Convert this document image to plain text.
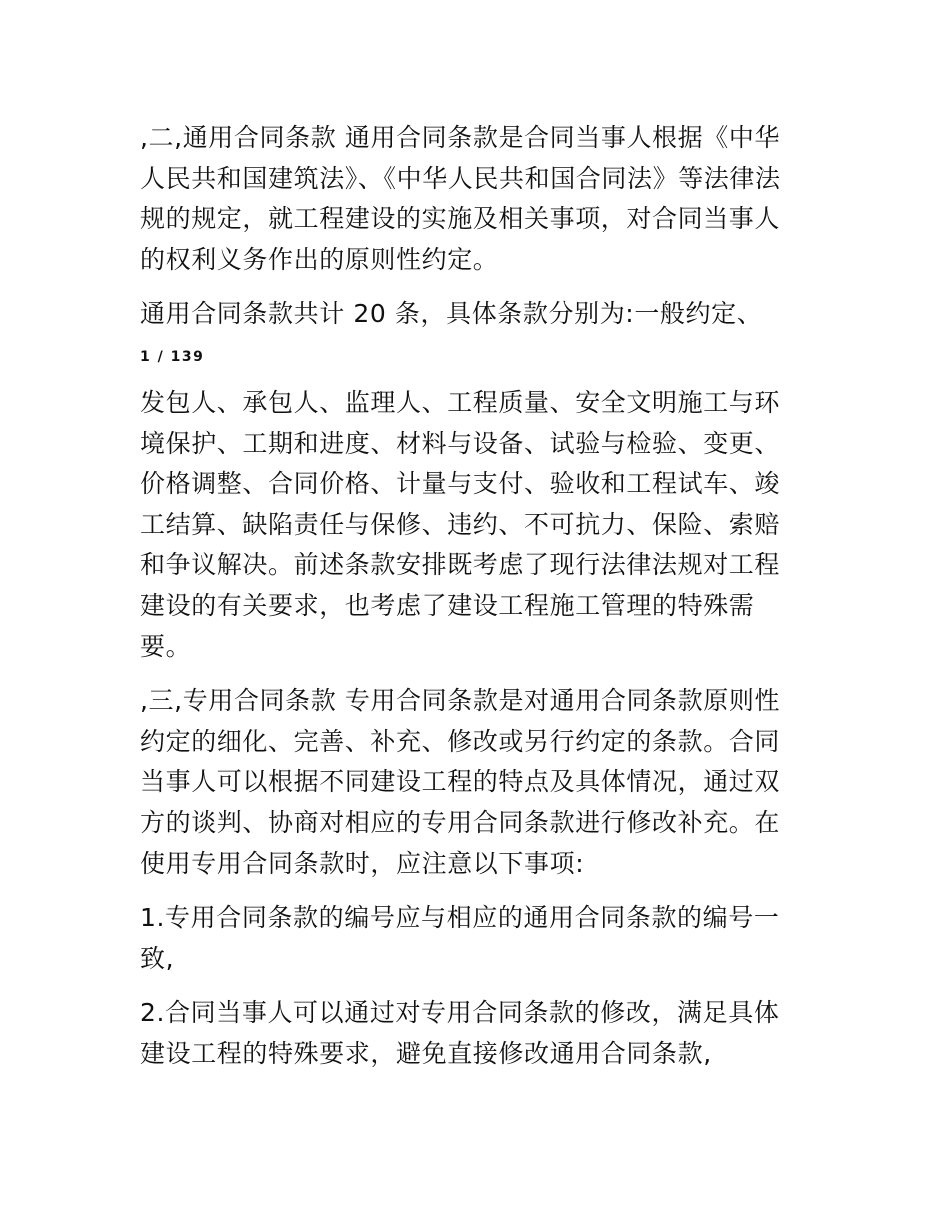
,二,通用合同条款 通用合同条款是合同当事人根据《中华人民共和国建筑法》、《中华人民共和国合同法》等法律法规的规定，就工程建设的实施及相关事项，对合同当事人的权利义务作出的原则性约定。

通用合同条款共计 20 条，具体条款分别为:一般约定、

1 / 139

发包人、承包人、监理人、工程质量、安全文明施工与环境保护、工期和进度、材料与设备、试验与检验、变更、价格调整、合同价格、计量与支付、验收和工程试车、竣工结算、缺陷责任与保修、违约、不可抗力、保险、索赔和争议解决。前述条款安排既考虑了现行法律法规对工程建设的有关要求，也考虑了建设工程施工管理的特殊需要。

,三,专用合同条款 专用合同条款是对通用合同条款原则性约定的细化、完善、补充、修改或另行约定的条款。合同当事人可以根据不同建设工程的特点及具体情况，通过双方的谈判、协商对相应的专用合同条款进行修改补充。在使用专用合同条款时，应注意以下事项:

1.专用合同条款的编号应与相应的通用合同条款的编号一致,

2.合同当事人可以通过对专用合同条款的修改，满足具体建设工程的特殊要求，避免直接修改通用合同条款,
